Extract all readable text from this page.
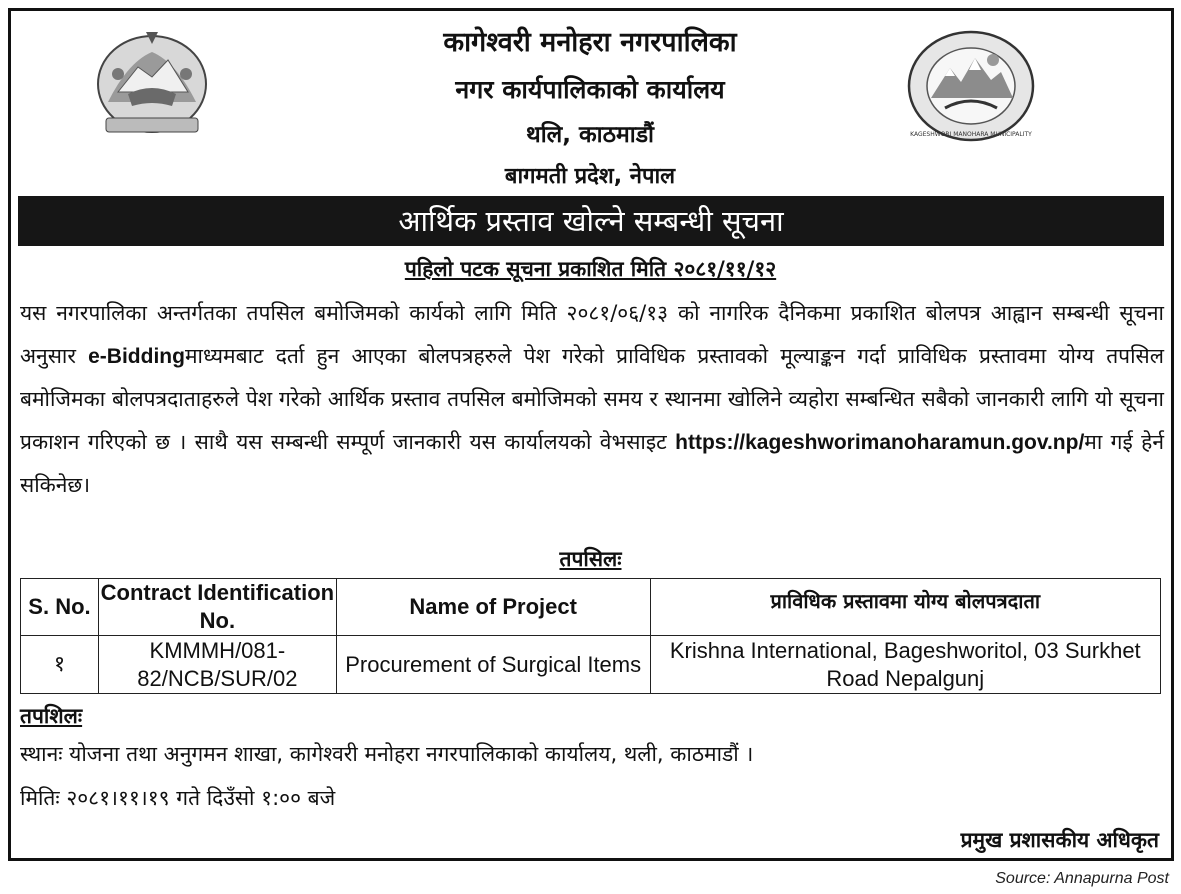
KAGESHWORI MANOHARA MUNICIPALITY
कागेश्वरी मनोहरा नगरपालिका
नगर कार्यपालिकाको कार्यालय
थलि, काठमाडौं
बागमती प्रदेश, नेपाल
आर्थिक प्रस्ताव खोल्ने सम्बन्धी सूचना
पहिलो पटक सूचना प्रकाशित मिति २०८१/११/१२
यस नगरपालिका अन्तर्गतका तपसिल बमोजिमको कार्यको लागि मिति २०८१/०६/१३ को नागरिक दैनिकमा प्रकाशित बोलपत्र आह्वान सम्बन्धी सूचना अनुसार e-Biddingमाध्यमबाट दर्ता हुन आएका बोलपत्रहरुले पेश गरेको प्राविधिक प्रस्तावको मूल्याङ्कन गर्दा प्राविधिक प्रस्तावमा योग्य तपसिल बमोजिमका बोलपत्रदाताहरुले पेश गरेको आर्थिक प्रस्ताव तपसिल बमोजिमको समय र स्थानमा खोलिने व्यहोरा सम्बन्धित सबैको जानकारी लागि यो सूचना प्रकाशन गरिएको छ । साथै यस सम्बन्धी सम्पूर्ण जानकारी यस कार्यालयको वेभसाइट https://kageshworimanoharamun.gov.np/मा गई हेर्न सकिनेछ।
तपसिलः
S. No.	Contract Identification No.	Name of Project	प्राविधिक प्रस्तावमा योग्य बोलपत्रदाता
१	KMMMH/081-82/NCB/SUR/02	Procurement of Surgical Items	Krishna International, Bageshworitol, 03 Surkhet Road Nepalgunj
तपशिलः
स्थानः योजना तथा अनुगमन शाखा, कागेश्वरी मनोहरा नगरपालिकाको कार्यालय, थली, काठमाडौं ।
मितिः २०८१।११।१९ गते दिउँसो १:०० बजे
प्रमुख प्रशासकीय अधिकृत
Source: Annapurna Post
